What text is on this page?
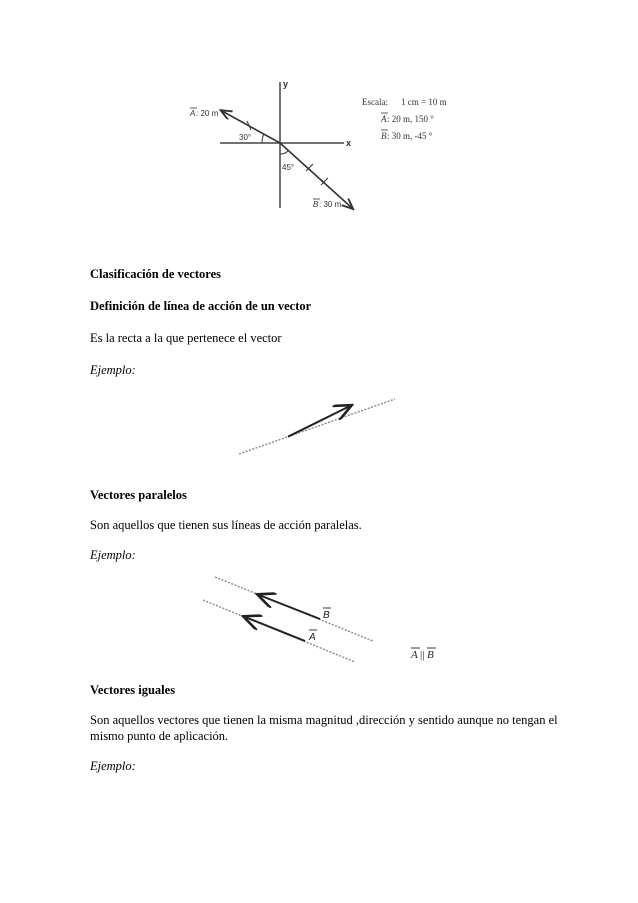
y
x
30°
45°
A : 20 m
B : 30 m
Escala: 1 cm = 10 m
A : 20 m, 150 °
B : 30 m, -45 °
Clasificación de vectores
Definición de línea de acción de un vector
Es la recta a la que pertenece el vector
Ejemplo:
Vectores paralelos
Son aquellos que tienen sus líneas de acción paralelas.
Ejemplo:
B
A
A || B
Vectores iguales
Son aquellos vectores que tienen la misma magnitud ,dirección y sentido aunque no tengan el mismo punto de aplicación.
Ejemplo:
